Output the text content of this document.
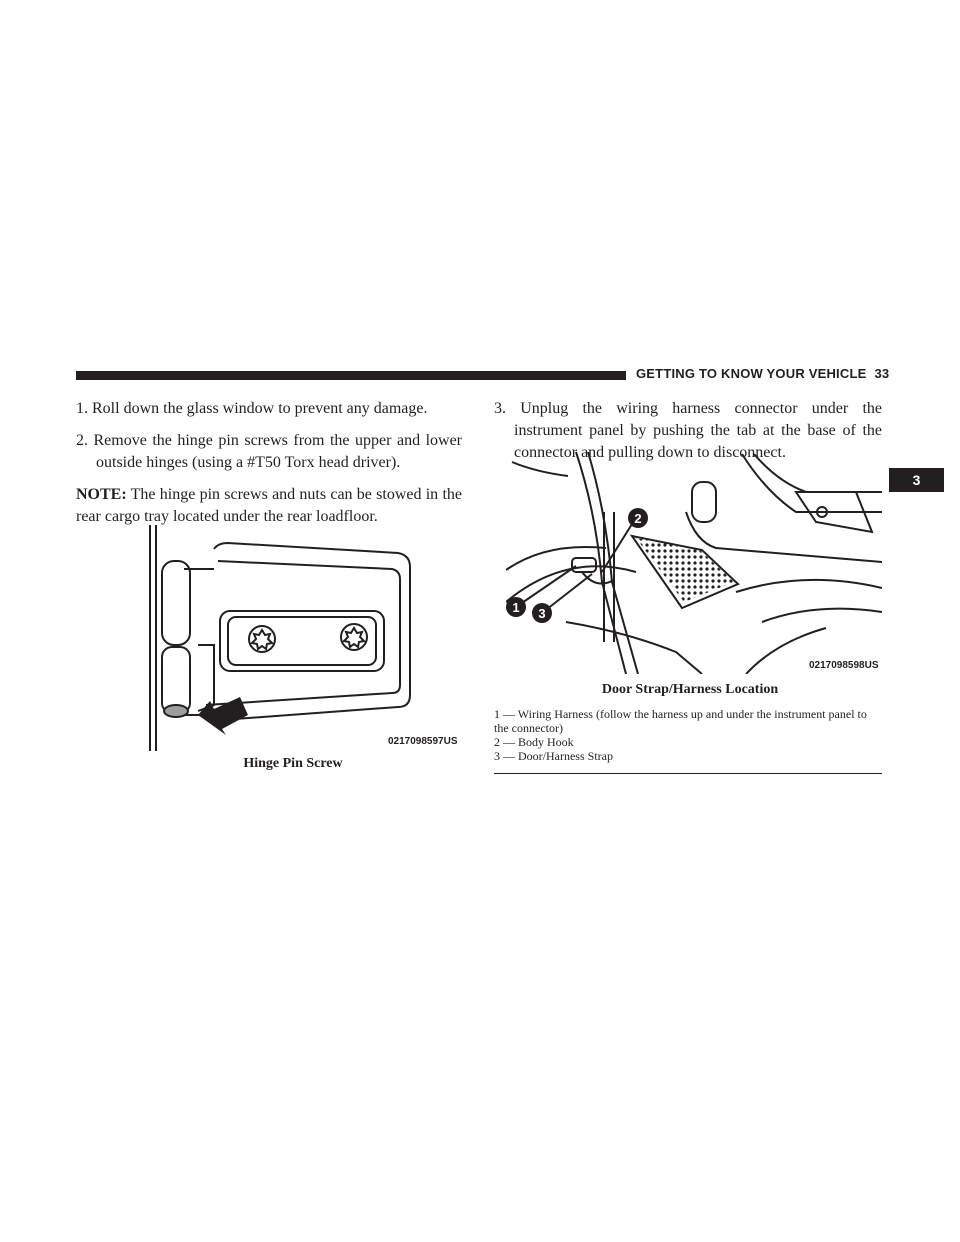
GETTING TO KNOW YOUR VEHICLE 33
3

1. Roll down the glass window to prevent any damage.

2. Remove the hinge pin screws from the upper and lower outside hinges (using a #T50 Torx head driver).

NOTE: The hinge pin screws and nuts can be stowed in the rear cargo tray located under the rear loadfloor.

3. Unplug the wiring harness connector under the instrument panel by pushing the tab at the base of the connector and pulling down to disconnect.

0217098597US
Hinge Pin Screw
1 3
2
0217098598US
Door Strap/Harness Location
1 — Wiring Harness (follow the harness up and under the instrument panel to the connector)
2 — Body Hook
3 — Door/Harness Strap
